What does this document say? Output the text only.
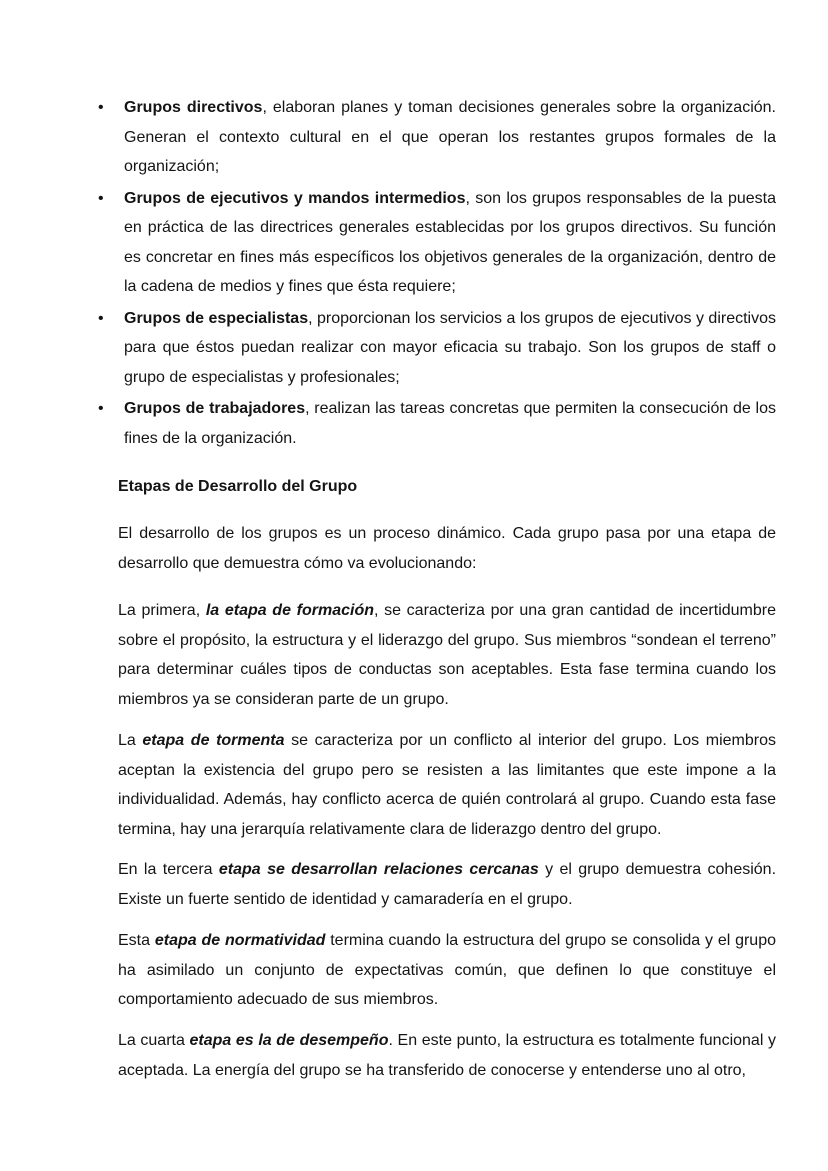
• Grupos directivos, elaboran planes y toman decisiones generales sobre la organización. Generan el contexto cultural en el que operan los restantes grupos formales de la organización;
• Grupos de ejecutivos y mandos intermedios, son los grupos responsables de la puesta en práctica de las directrices generales establecidas por los grupos directivos. Su función es concretar en fines más específicos los objetivos generales de la organización, dentro de la cadena de medios y fines que ésta requiere;
• Grupos de especialistas, proporcionan los servicios a los grupos de ejecutivos y directivos para que éstos puedan realizar con mayor eficacia su trabajo. Son los grupos de staff o grupo de especialistas y profesionales;
• Grupos de trabajadores, realizan las tareas concretas que permiten la consecución de los fines de la organización.
Etapas de Desarrollo del Grupo

El desarrollo de los grupos es un proceso dinámico. Cada grupo pasa por una etapa de desarrollo que demuestra cómo va evolucionando:

La primera, la etapa de formación, se caracteriza por una gran cantidad de incertidumbre sobre el propósito, la estructura y el liderazgo del grupo. Sus miembros “sondean el terreno” para determinar cuáles tipos de conductas son aceptables. Esta fase termina cuando los miembros ya se consideran parte de un grupo.

La etapa de tormenta se caracteriza por un conflicto al interior del grupo. Los miembros aceptan la existencia del grupo pero se resisten a las limitantes que este impone a la individualidad. Además, hay conflicto acerca de quién controlará al grupo. Cuando esta fase termina, hay una jerarquía relativamente clara de liderazgo dentro del grupo.

En la tercera etapa se desarrollan relaciones cercanas y el grupo demuestra cohesión. Existe un fuerte sentido de identidad y camaradería en el grupo.

Esta etapa de normatividad termina cuando la estructura del grupo se consolida y el grupo ha asimilado un conjunto de expectativas común, que definen lo que constituye el comportamiento adecuado de sus miembros.

La cuarta etapa es la de desempeño. En este punto, la estructura es totalmente funcional y aceptada. La energía del grupo se ha transferido de conocerse y entenderse uno al otro,
